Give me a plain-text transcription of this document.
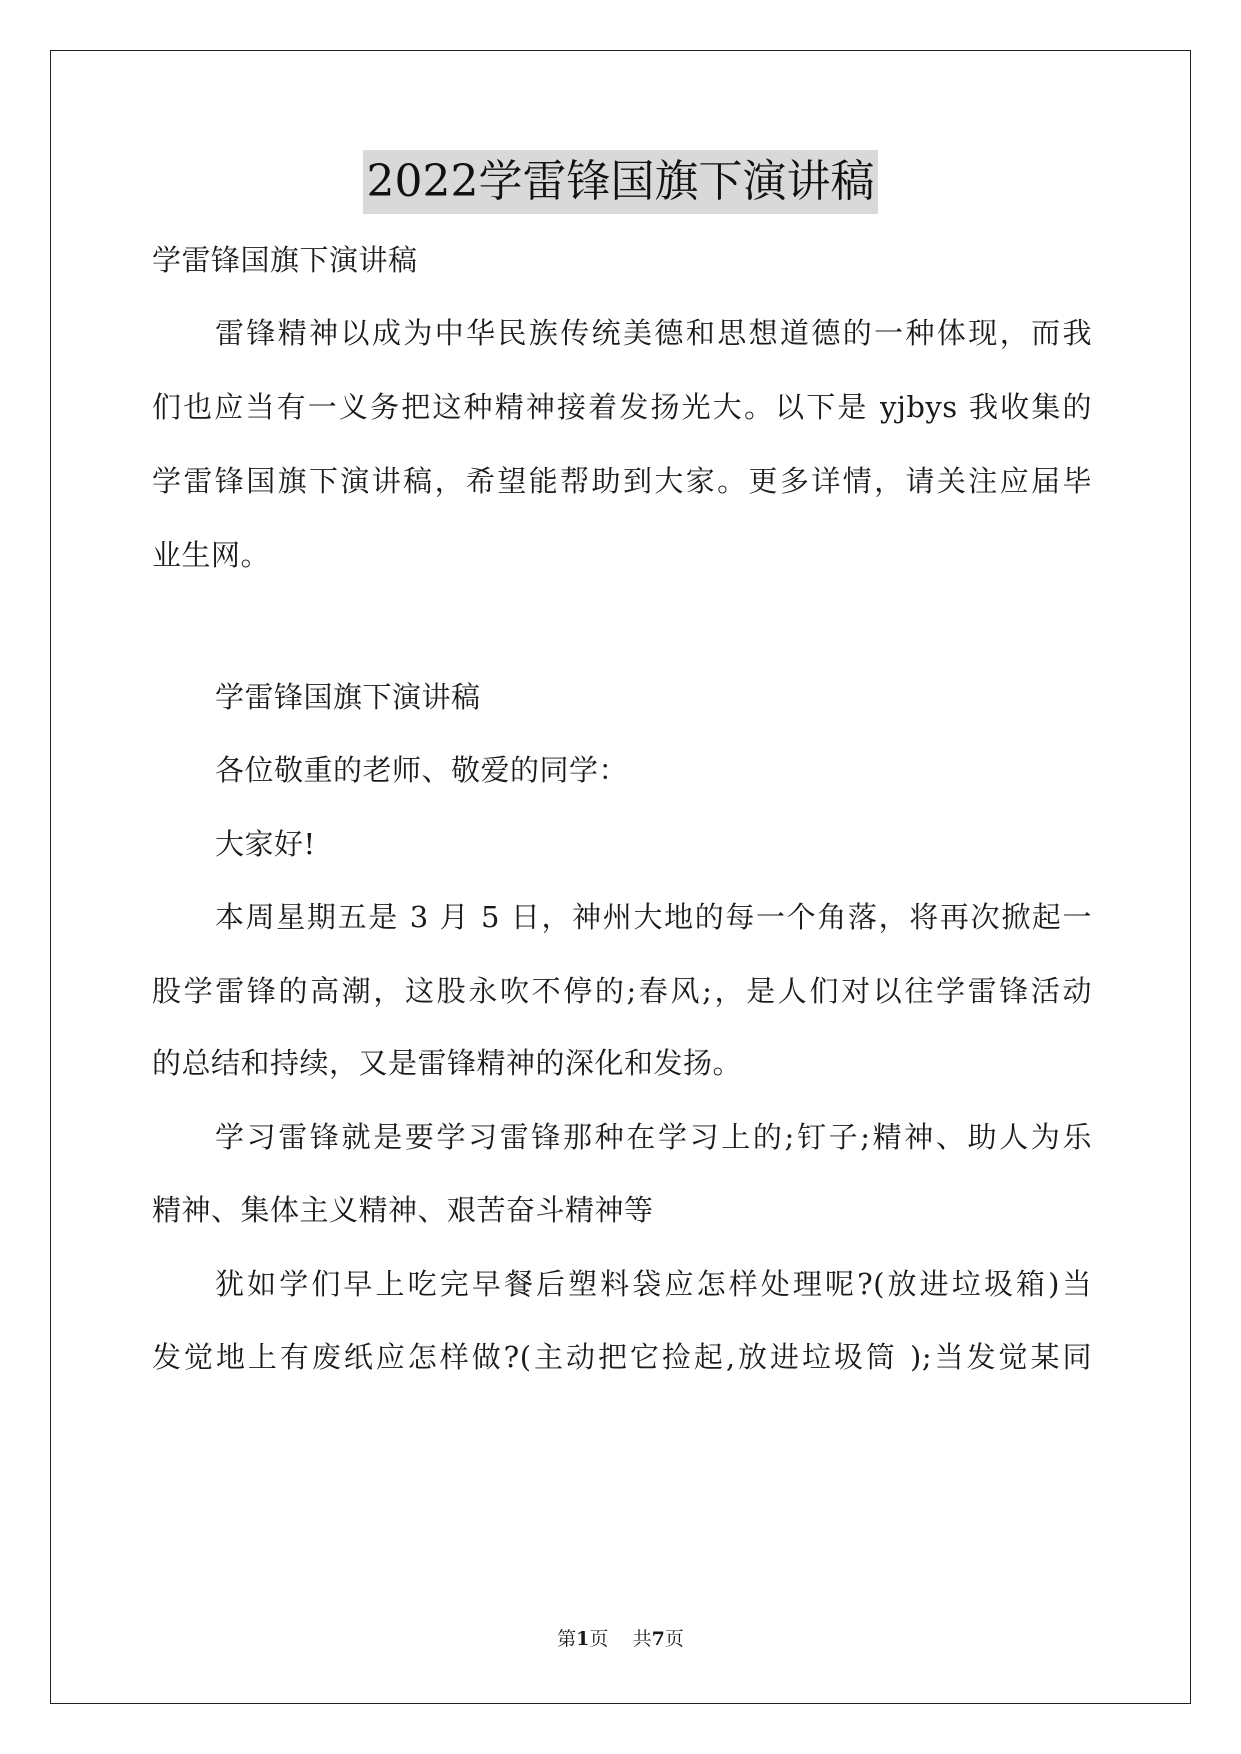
2022学雷锋国旗下演讲稿
学雷锋国旗下演讲稿
雷锋精神以成为中华民族传统美德和思想道德的一种体现，而我
们也应当有一义务把这种精神接着发扬光大。以下是 yjbys 我收集的
学雷锋国旗下演讲稿，希望能帮助到大家。更多详情，请关注应届毕
业生网。
学雷锋国旗下演讲稿
各位敬重的老师、敬爱的同学：
大家好!
本周星期五是 3 月 5 日，神州大地的每一个角落，将再次掀起一
股学雷锋的高潮，这股永吹不停的;春风;，是人们对以往学雷锋活动
的总结和持续，又是雷锋精神的深化和发扬。
学习雷锋就是要学习雷锋那种在学习上的;钉子;精神、助人为乐
精神、集体主义精神、艰苦奋斗精神等
犹如学们早上吃完早餐后塑料袋应怎样处理呢?(放进垃圾箱)当
发觉地上有废纸应怎样做?(主动把它捡起,放进垃圾筒 );当发觉某同
第1页 共7页
